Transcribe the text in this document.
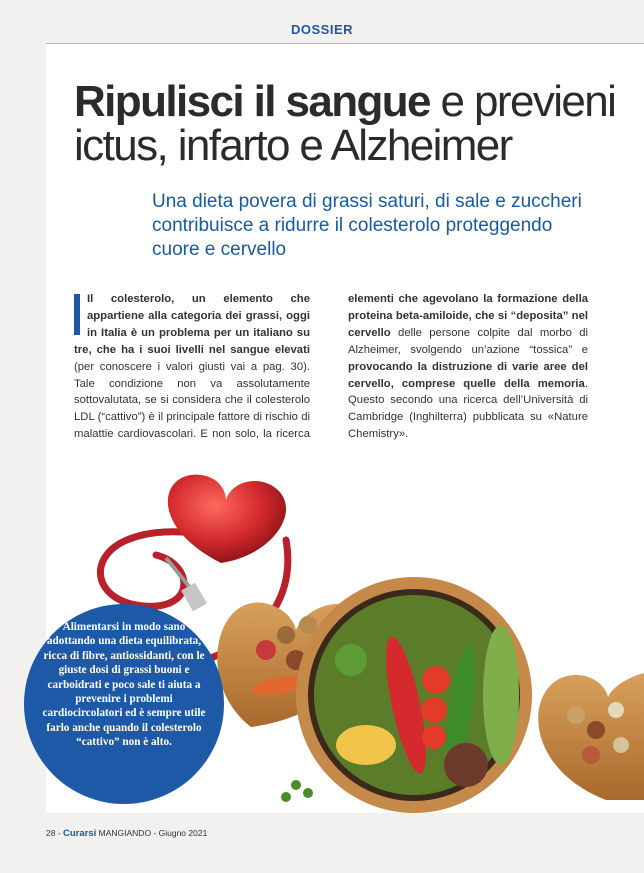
DOSSIER
Ripulisci il sangue e previeni
ictus, infarto e Alzheimer
Una dieta povera di grassi saturi, di sale e zuccheri contribuisce a ridurre il colesterolo proteggendo cuore e cervello
Il colesterolo, un elemento che appartiene alla categoria dei grassi, oggi in Italia è un problema per un italiano su tre, che ha i suoi livelli nel sangue elevati (per conoscere i valori giusti vai a pag. 30). Tale condizione non va assolutamente sottovalutata, se si considera che il colesterolo LDL (“cattivo”) è il principale fattore di rischio di malattie cardiovascolari. E non solo, la ricerca
elementi che agevolano la formazione della proteina beta-amiloide, che si “deposita” nel cervello delle persone colpite dal morbo di Alzheimer, svolgendo un’azione “tossica” e provocando la distruzione di varie aree del cervello, comprese quelle della memoria. Questo secondo una ricerca dell’Università di Cambridge (Inghilterra) pubblicata su «Nature Chemistry».
Alimentarsi in modo sano adottando una dieta equilibrata, ricca di fibre, antiossidanti, con le giuste dosi di grassi buoni e carboidrati e poco sale ti aiuta a prevenire i problemi cardiocircolatori ed è sempre utile farlo anche quando il colesterolo “cattivo” non è alto.
28 - Curarsi MANGIANDO - Giugno 2021
